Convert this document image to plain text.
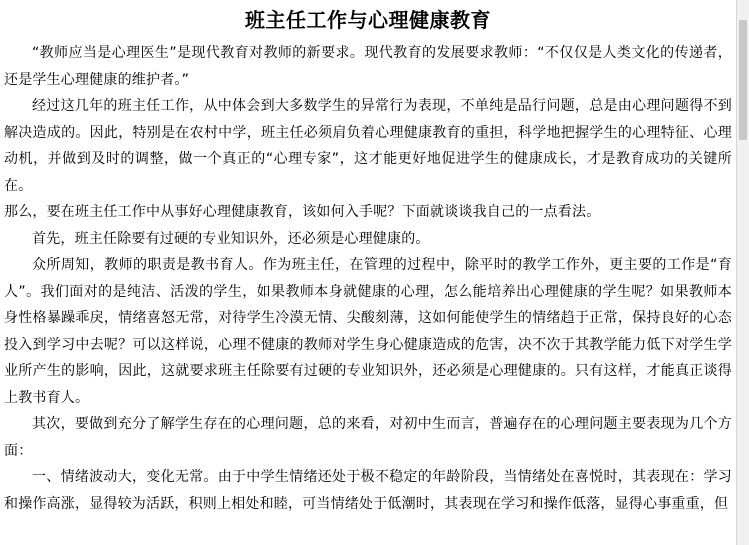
班主任工作与心理健康教育

“教师应当是心理医生”是现代教育对教师的新要求。现代教育的发展要求教师：“不仅仅是人类文化的传递者，还是学生心理健康的维护者。”

经过这几年的班主任工作，从中体会到大多数学生的异常行为表现，不单纯是品行问题，总是由心理问题得不到解决造成的。因此，特别是在农村中学，班主任必须肩负着心理健康教育的重担，科学地把握学生的心理特征、心理动机，并做到及时的调整，做一个真正的“心理专家”，这才能更好地促进学生的健康成长，才是教育成功的关键所在。

那么，要在班主任工作中从事好心理健康教育，该如何入手呢？下面就谈谈我自己的一点看法。

首先，班主任除要有过硬的专业知识外，还必须是心理健康的。

众所周知，教师的职责是教书育人。作为班主任，在管理的过程中，除平时的教学工作外，更主要的工作是“育人”。我们面对的是纯洁、活泼的学生，如果教师本身就健康的心理，怎么能培养出心理健康的学生呢？如果教师本身性格暴躁乖戾，情绪喜怒无常，对待学生冷漠无情、尖酸刻薄，这如何能使学生的情绪趋于正常，保持良好的心态投入到学习中去呢？可以这样说，心理不健康的教师对学生身心健康造成的危害，决不次于其教学能力低下对学生学业所产生的影响，因此，这就要求班主任除要有过硬的专业知识外，还必须是心理健康的。只有这样，才能真正谈得上教书育人。

其次，要做到充分了解学生存在的心理问题，总的来看，对初中生而言，普遍存在的心理问题主要表现为几个方面：

一、情绪波动大，变化无常。由于中学生情绪还处于极不稳定的年龄阶段，当情绪处在喜悦时，其表现在：学习和操作高涨，显得较为活跃，积则上相处和睦，可当情绪处于低潮时，其表现在学习和操作低落，显得心事重重，但
